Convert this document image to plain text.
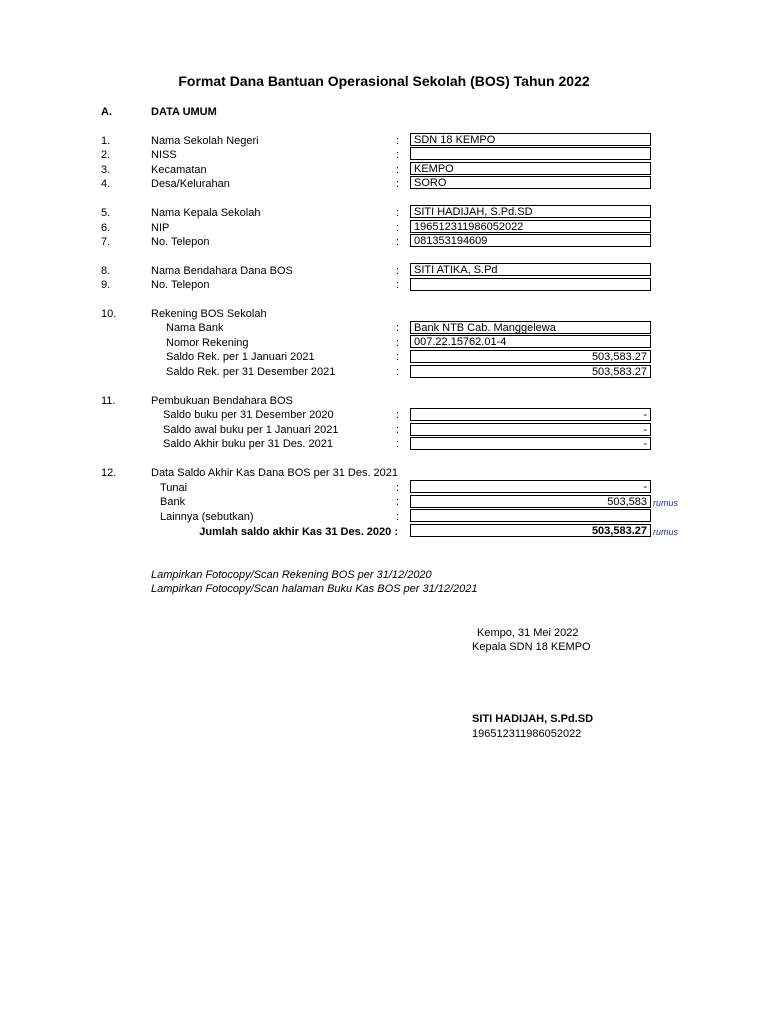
Format Dana Bantuan Operasional Sekolah (BOS) Tahun 2022
A.	DATA UMUM
1.	Nama Sekolah Negeri	:	SDN 18 KEMPO
2.	NISS	:
3.	Kecamatan	:	KEMPO
4.	Desa/Kelurahan	:	SORO
5.	Nama Kepala Sekolah	:	SITI HADIJAH, S.Pd.SD
6.	NIP	:	196512311986052022
7.	No. Telepon	:	081353194609
8.	Nama Bendahara Dana BOS	:	SITI ATIKA, S.Pd
9.	No. Telepon	:
10.	Rekening BOS Sekolah
Nama Bank	:	Bank NTB Cab. Manggelewa
Nomor Rekening	:	007.22.15762.01-4
Saldo Rek. per 1 Januari 2021	:	503,583.27
Saldo Rek. per 31 Desember 2021	:	503,583.27
11.	Pembukuan Bendahara BOS
Saldo buku per 31 Desember 2020	:	-
Saldo awal buku per 1 Januari 2021	:	-
Saldo Akhir buku per 31 Des. 2021	:	-
12.	Data Saldo Akhir Kas Dana BOS per 31 Des. 2021
Tunai	:	-
Bank	:	503,583 rumus
Lainnya (sebutkan)	:
Jumlah saldo akhir Kas 31 Des. 2020 :	503,583.27 rumus
Lampirkan Fotocopy/Scan Rekening BOS per 31/12/2020
Lampirkan Fotocopy/Scan halaman Buku Kas BOS per 31/12/2021
Kempo, 31 Mei 2022
Kepala SDN 18 KEMPO
SITI HADIJAH, S.Pd.SD
196512311986052022
